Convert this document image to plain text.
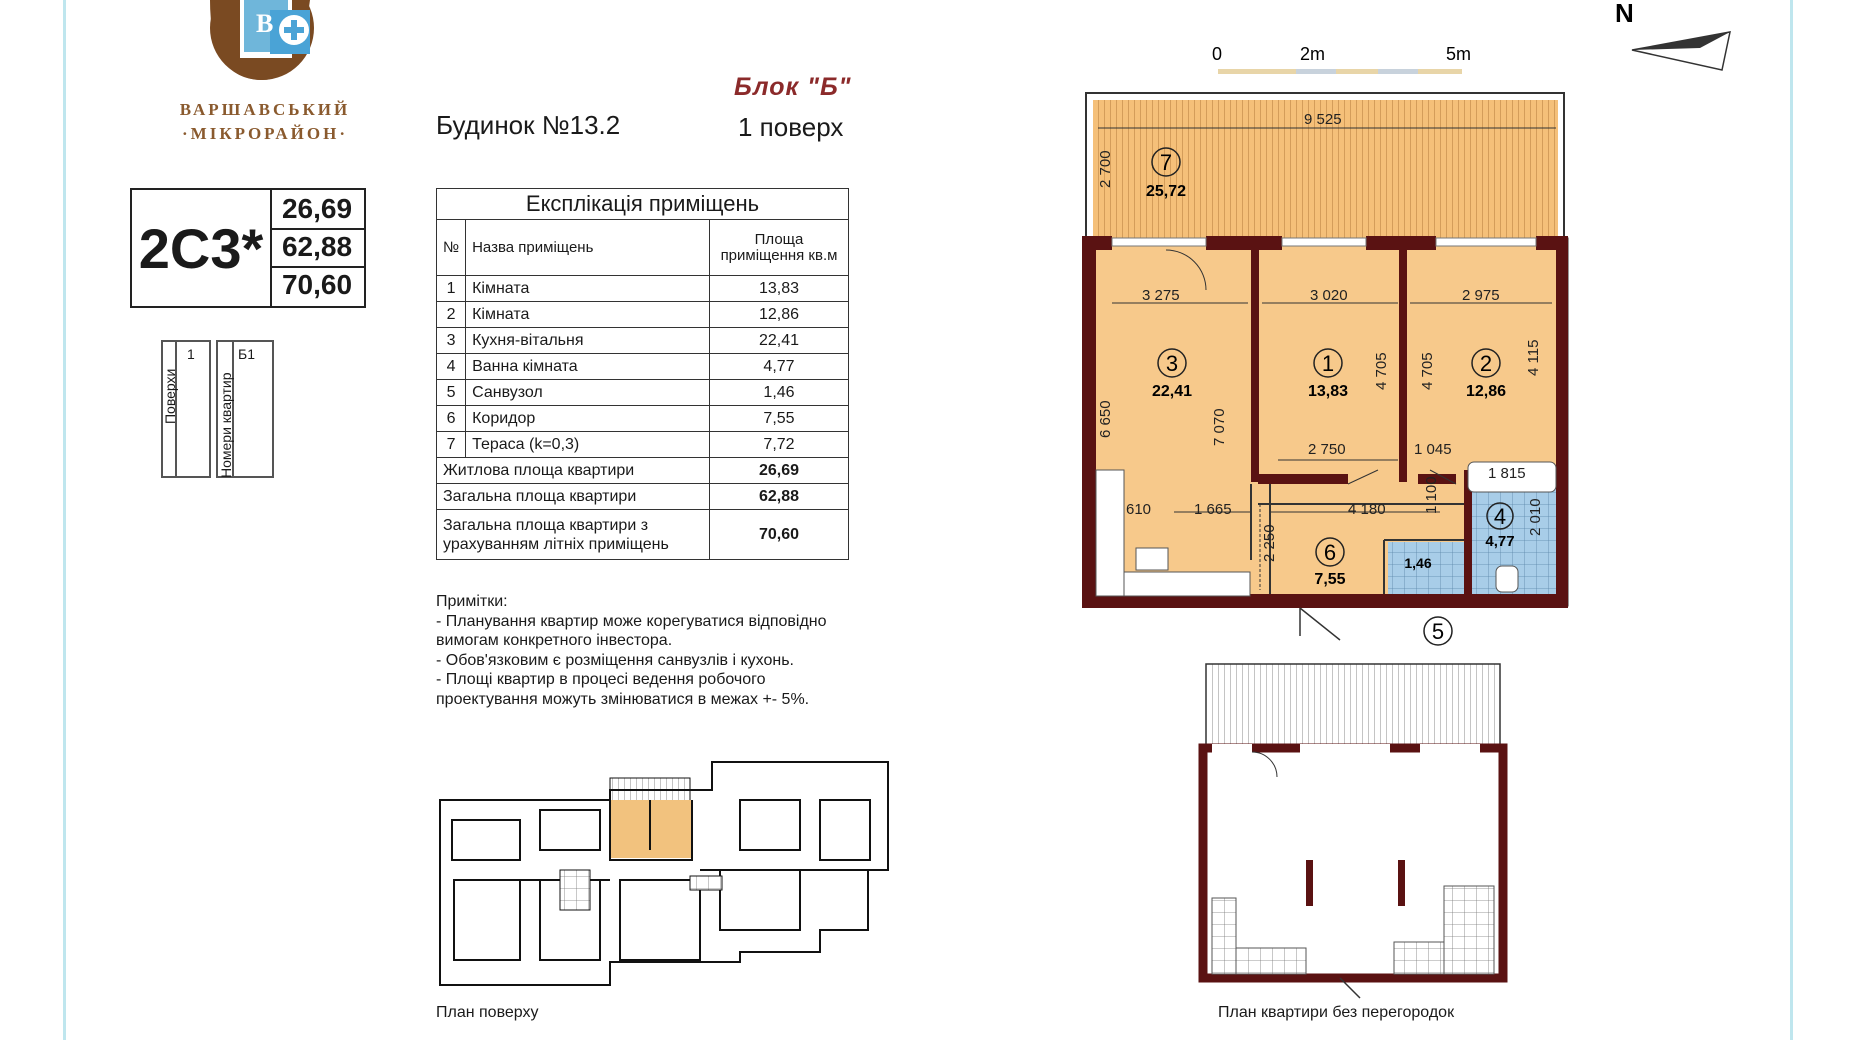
B
ВАРШАВСЬКИЙ
·МІКРОРАЙОН·
2С3*
26,69
62,88
70,60
Поверхи
1
Номери квартир
Б1
Будинок №13.2
Блок "Б"
1 поверх
Експлікація приміщень		
№	Назва приміщень	Площа приміщення кв.м
1	Кімната	13,83
2	Кімната	12,86
3	Кухня-вітальня	22,41
4	Ванна кімната	4,77
5	Санвузол	1,46
6	Коридор	7,55
7	Тераса (k=0,3)	7,72
Житлова площа квартири		26,69
Загальна площа квартири		62,88
Загальна площа квартири з урахуванням літніх приміщень		70,60
Примітки:
- Планування квартир може корегуватися відповідно
вимогам конкретного інвестора.
- Обов'язковим є розміщення санвузлів і кухонь.
- Площі квартир в процесі ведення робочого
проектування можуть змінюватися в межах +- 5%.
0	2m	5m
N
9 525
2 700
3 275	3 020	2 975
6 650	7 070
4 705 4 705	4 115
2 750	1 045
1 815
610	1 665	4 180 1 100
2 250
2 010
7
25,72
3
22,41
1
13,83
2
12,86
4
4,77
6
7,55
1,46
5
План поверху	План квартири без перегородок
